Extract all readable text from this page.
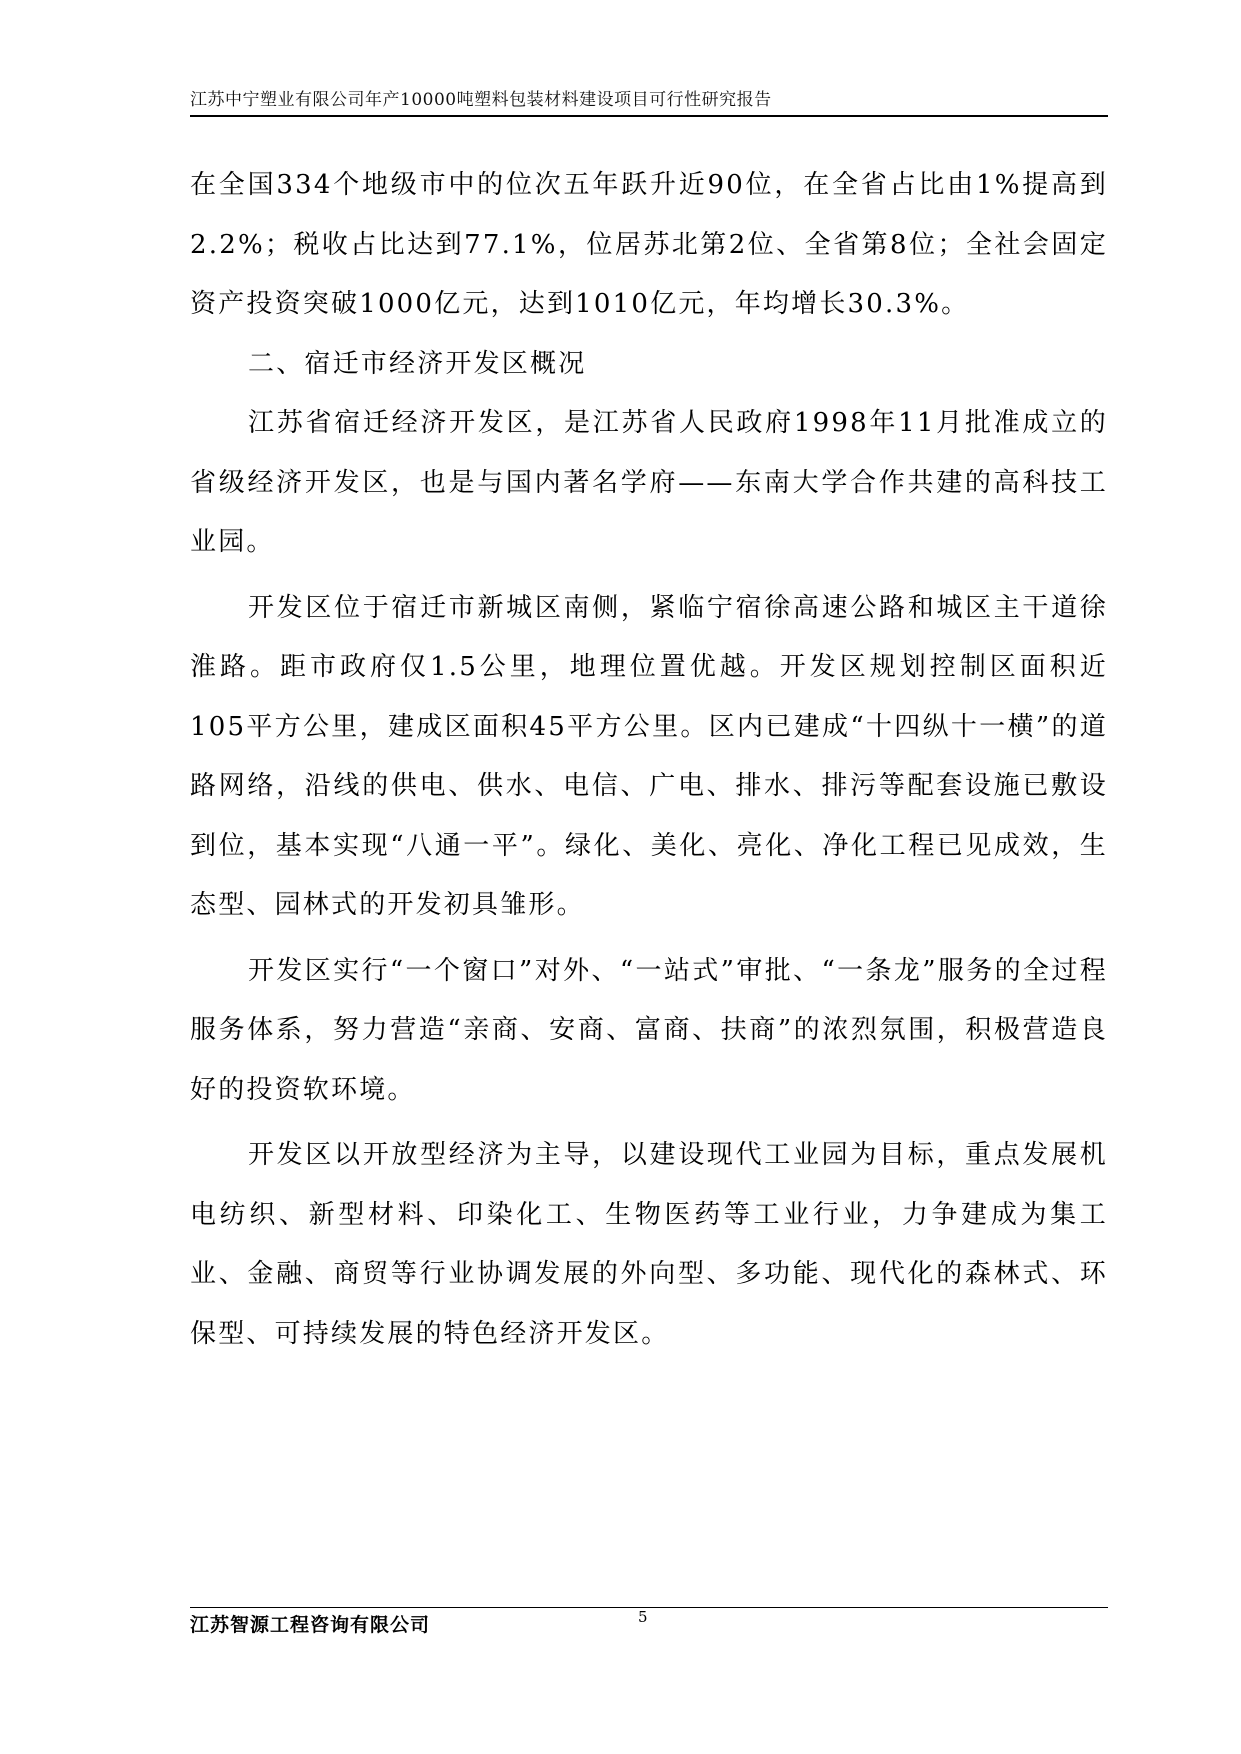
江苏中宁塑业有限公司年产10000吨塑料包装材料建设项目可行性研究报告

在全国334个地级市中的位次五年跃升近90位，在全省占比由1%提高到2.2%；税收占比达到77.1%，位居苏北第2位、全省第8位；全社会固定资产投资突破1000亿元，达到1010亿元，年均增长30.3%。

二、宿迁市经济开发区概况

江苏省宿迁经济开发区，是江苏省人民政府1998年11月批准成立的省级经济开发区，也是与国内著名学府——东南大学合作共建的高科技工业园。

开发区位于宿迁市新城区南侧，紧临宁宿徐高速公路和城区主干道徐淮路。距市政府仅1.5公里，地理位置优越。开发区规划控制区面积近105平方公里，建成区面积45平方公里。区内已建成“十四纵十一横”的道路网络，沿线的供电、供水、电信、广电、排水、排污等配套设施已敷设到位，基本实现“八通一平”。绿化、美化、亮化、净化工程已见成效，生态型、园林式的开发初具雏形。

开发区实行“一个窗口”对外、“一站式”审批、“一条龙”服务的全过程服务体系，努力营造“亲商、安商、富商、扶商”的浓烈氛围，积极营造良好的投资软环境。

开发区以开放型经济为主导，以建设现代工业园为目标，重点发展机电纺织、新型材料、印染化工、生物医药等工业行业，力争建成为集工业、金融、商贸等行业协调发展的外向型、多功能、现代化的森林式、环保型、可持续发展的特色经济开发区。

江苏智源工程咨询有限公司	5
